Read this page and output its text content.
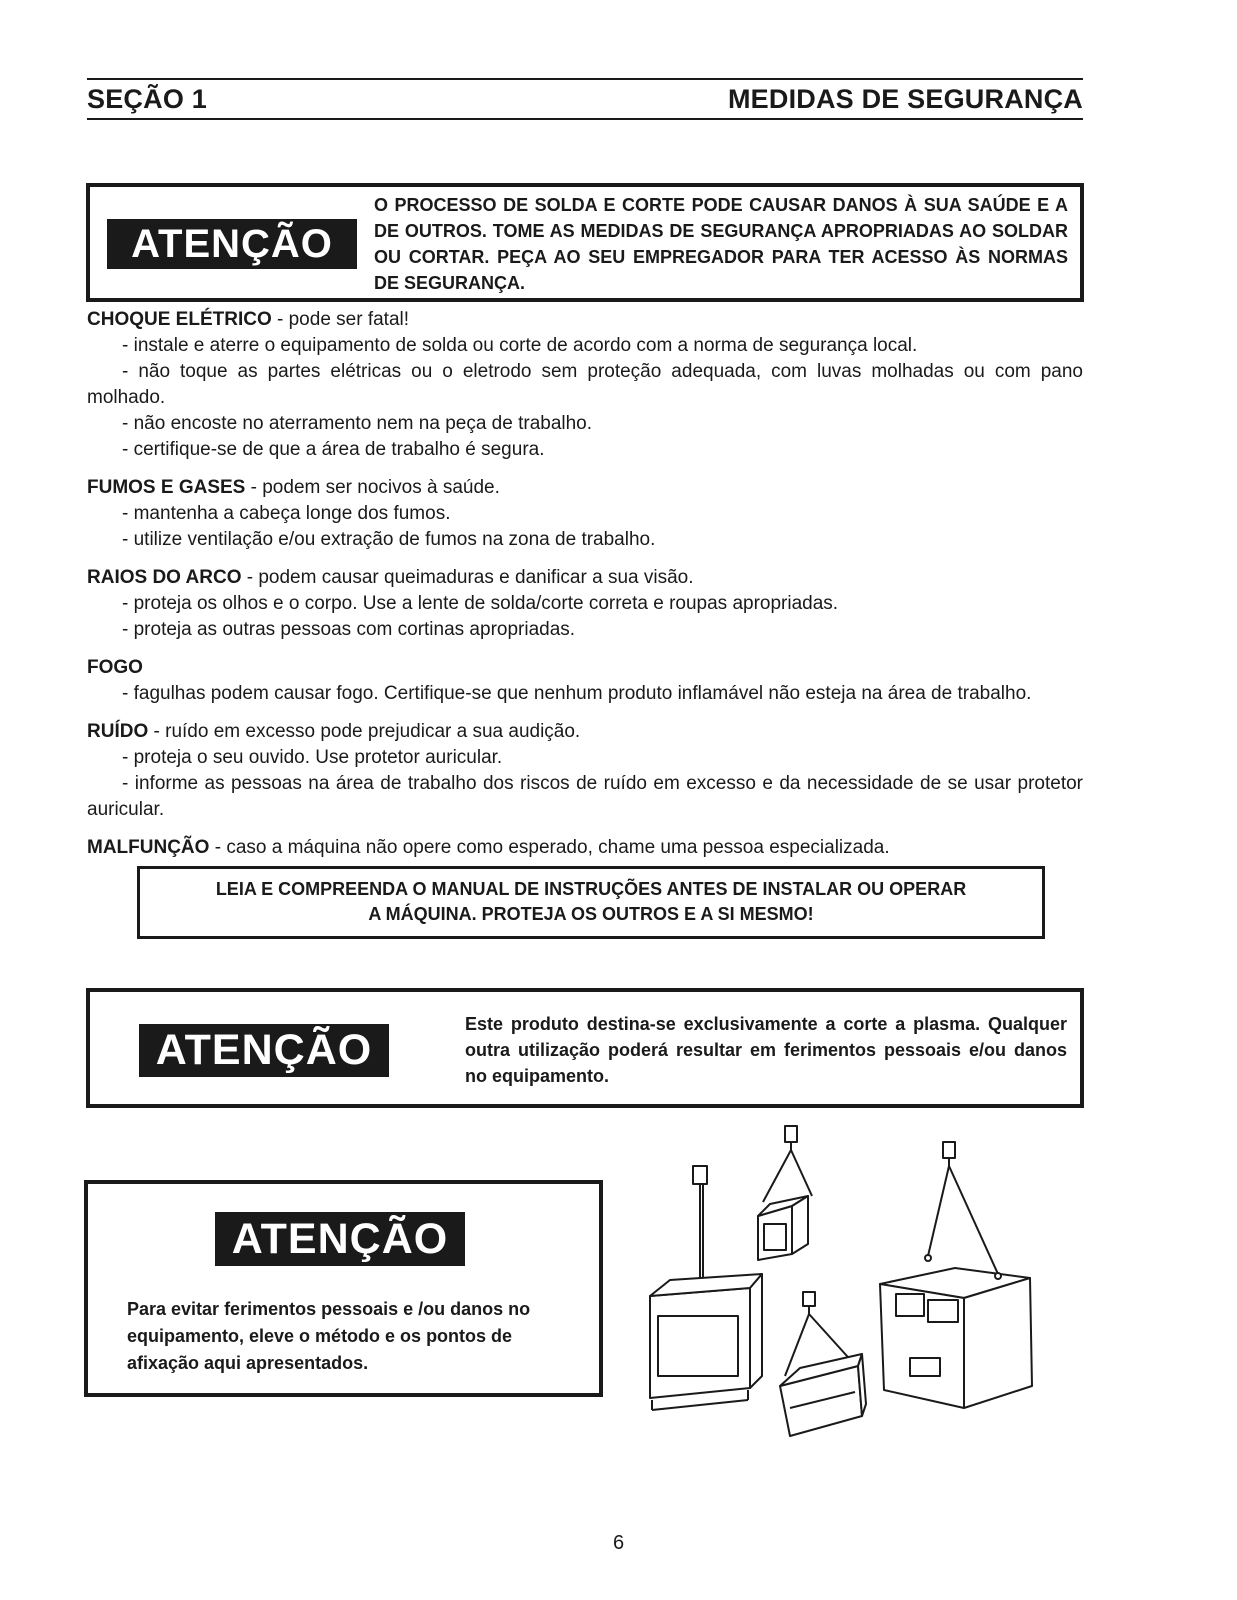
SEÇÃO 1	MEDIDAS DE SEGURANÇA
ATENÇÃO
O PROCESSO DE SOLDA E CORTE PODE CAUSAR DANOS À SUA SAÚDE E A DE OUTROS. TOME AS MEDIDAS DE SEGURANÇA APROPRIADAS AO SOLDAR OU CORTAR. PEÇA AO SEU EMPREGADOR PARA TER ACESSO ÀS NORMAS DE SEGURANÇA.
CHOQUE ELÉTRICO - pode ser fatal!
- instale e aterre o equipamento de solda ou corte de acordo com a norma de segurança local.
- não toque as partes elétricas ou o eletrodo sem proteção adequada, com luvas molhadas ou com pano molhado.
- não encoste no aterramento nem na peça de trabalho.
- certifique-se de que a área de trabalho é segura.
FUMOS E GASES - podem ser nocivos à saúde.
- mantenha a cabeça longe dos fumos.
- utilize ventilação e/ou extração de fumos na zona de trabalho.
RAIOS DO ARCO - podem causar queimaduras e danificar a sua visão.
- proteja os olhos e o corpo. Use a lente de solda/corte correta e roupas apropriadas.
- proteja as outras pessoas com cortinas apropriadas.
FOGO
- fagulhas podem causar fogo. Certifique-se que nenhum produto inflamável não esteja na área de trabalho.
RUÍDO - ruído em excesso pode prejudicar a sua audição.
- proteja o seu ouvido. Use protetor auricular.
- informe as pessoas na área de trabalho dos riscos de ruído em excesso e da necessidade de se usar protetor auricular.
MALFUNÇÃO - caso a máquina não opere como esperado, chame uma pessoa especializada.
LEIA E COMPREENDA O MANUAL DE INSTRUÇÕES ANTES DE INSTALAR OU OPERAR
A MÁQUINA. PROTEJA OS OUTROS E A SI MESMO!
ATENÇÃO
Este produto destina-se exclusivamente a corte a plasma. Qualquer outra utilização poderá resultar em ferimentos pessoais e/ou danos no equipamento.
ATENÇÃO
Para evitar ferimentos pessoais e /ou danos no equipamento, eleve o método e os pontos de afixação aqui apresentados.
6
